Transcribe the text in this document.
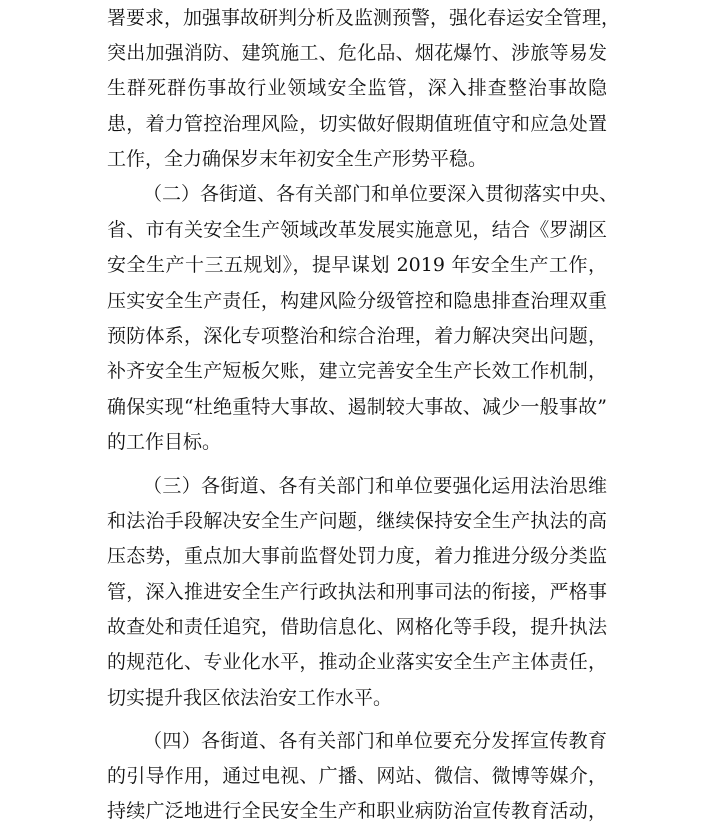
署要求，加强事故研判分析及监测预警，强化春运安全管理，
突出加强消防、建筑施工、危化品、烟花爆竹、涉旅等易发
生群死群伤事故行业领域安全监管，深入排查整治事故隐
患，着力管控治理风险，切实做好假期值班值守和应急处置
工作，全力确保岁末年初安全生产形势平稳。
（二）各街道、各有关部门和单位要深入贯彻落实中央、
省、市有关安全生产领域改革发展实施意见，结合《罗湖区
安全生产十三五规划》，提早谋划 2019 年安全生产工作，
压实安全生产责任，构建风险分级管控和隐患排查治理双重
预防体系，深化专项整治和综合治理，着力解决突出问题，
补齐安全生产短板欠账，建立完善安全生产长效工作机制，
确保实现“杜绝重特大事故、遏制较大事故、减少一般事故”
的工作目标。
（三）各街道、各有关部门和单位要强化运用法治思维
和法治手段解决安全生产问题，继续保持安全生产执法的高
压态势，重点加大事前监督处罚力度，着力推进分级分类监
管，深入推进安全生产行政执法和刑事司法的衔接，严格事
故查处和责任追究，借助信息化、网格化等手段，提升执法
的规范化、专业化水平，推动企业落实安全生产主体责任，
切实提升我区依法治安工作水平。
（四）各街道、各有关部门和单位要充分发挥宣传教育
的引导作用，通过电视、广播、网站、微信、微博等媒介，
持续广泛地进行全民安全生产和职业病防治宣传教育活动，
